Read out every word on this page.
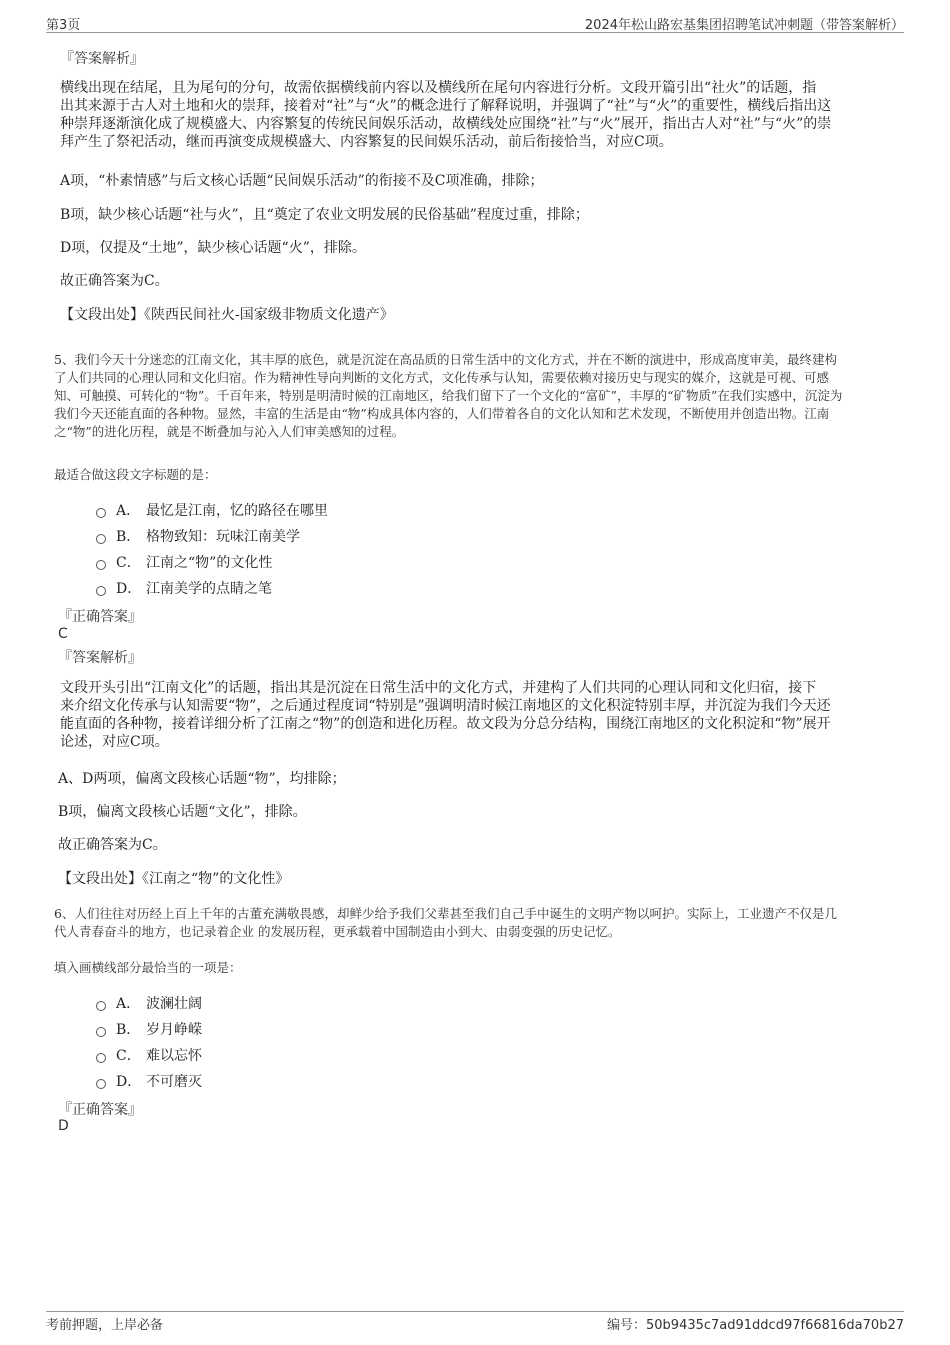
第3页	2024年松山路宏基集团招聘笔试冲刺题（带答案解析）
『答案解析』
横线出现在结尾，且为尾句的分句，故需依据横线前内容以及横线所在尾句内容进行分析。文段开篇引出“社火”的话题，指
出其来源于古人对土地和火的崇拜，接着对“社”与“火”的概念进行了解释说明，并强调了“社”与“火”的重要性，横线后指出这
种崇拜逐渐演化成了规模盛大、内容繁复的传统民间娱乐活动，故横线处应围绕“社”与“火”展开，指出古人对“社”与“火”的崇
拜产生了祭祀活动，继而再演变成规模盛大、内容繁复的民间娱乐活动，前后衔接恰当，对应C项。
A项，“朴素情感”与后文核心话题“民间娱乐活动”的衔接不及C项准确，排除；
B项，缺少核心话题“社与火”，且“奠定了农业文明发展的民俗基础”程度过重，排除；
D项，仅提及“土地”，缺少核心话题“火”，排除。
故正确答案为C。
【文段出处】《陕西民间社火-国家级非物质文化遗产》
5、我们今天十分迷恋的江南文化，其丰厚的底色，就是沉淀在高品质的日常生活中的文化方式，并在不断的演进中，形成高度审美，最终建构
了人们共同的心理认同和文化归宿。作为精神性导向判断的文化方式，文化传承与认知，需要依赖对接历史与现实的媒介，这就是可视、可感
知、可触摸、可转化的“物”。千百年来，特别是明清时候的江南地区，给我们留下了一个文化的“富矿”，丰厚的“矿物质”在我们实感中，沉淀为
我们今天还能直面的各种物。显然，丰富的生活是由“物”构成具体内容的，人们带着各自的文化认知和艺术发现，不断使用并创造出物。江南
之“物”的进化历程，就是不断叠加与沁入人们审美感知的过程。
最适合做这段文字标题的是：
A． 最忆是江南，忆的路径在哪里
B． 格物致知：玩味江南美学
C． 江南之“物”的文化性
D． 江南美学的点睛之笔
『正确答案』
C
『答案解析』
文段开头引出“江南文化”的话题，指出其是沉淀在日常生活中的文化方式，并建构了人们共同的心理认同和文化归宿，接下
来介绍文化传承与认知需要“物”，之后通过程度词“特别是”强调明清时候江南地区的文化积淀特别丰厚，并沉淀为我们今天还
能直面的各种物，接着详细分析了江南之“物”的创造和进化历程。故文段为分总分结构，围绕江南地区的文化积淀和“物”展开
论述，对应C项。
A、D两项，偏离文段核心话题“物”，均排除；
B项，偏离文段核心话题“文化”，排除。
故正确答案为C。
【文段出处】《江南之“物”的文化性》
6、人们往往对历经上百上千年的古董充满敬畏感，却鲜少给予我们父辈甚至我们自己手中诞生的文明产物以呵护。实际上，工业遗产不仅是几
代人青春奋斗的地方，也记录着企业 的发展历程，更承载着中国制造由小到大、由弱变强的历史记忆。
填入画横线部分最恰当的一项是：
A． 波澜壮阔
B． 岁月峥嵘
C． 难以忘怀
D． 不可磨灭
『正确答案』
D
考前押题，上岸必备	编号：50b9435c7ad91ddcd97f66816da70b27
